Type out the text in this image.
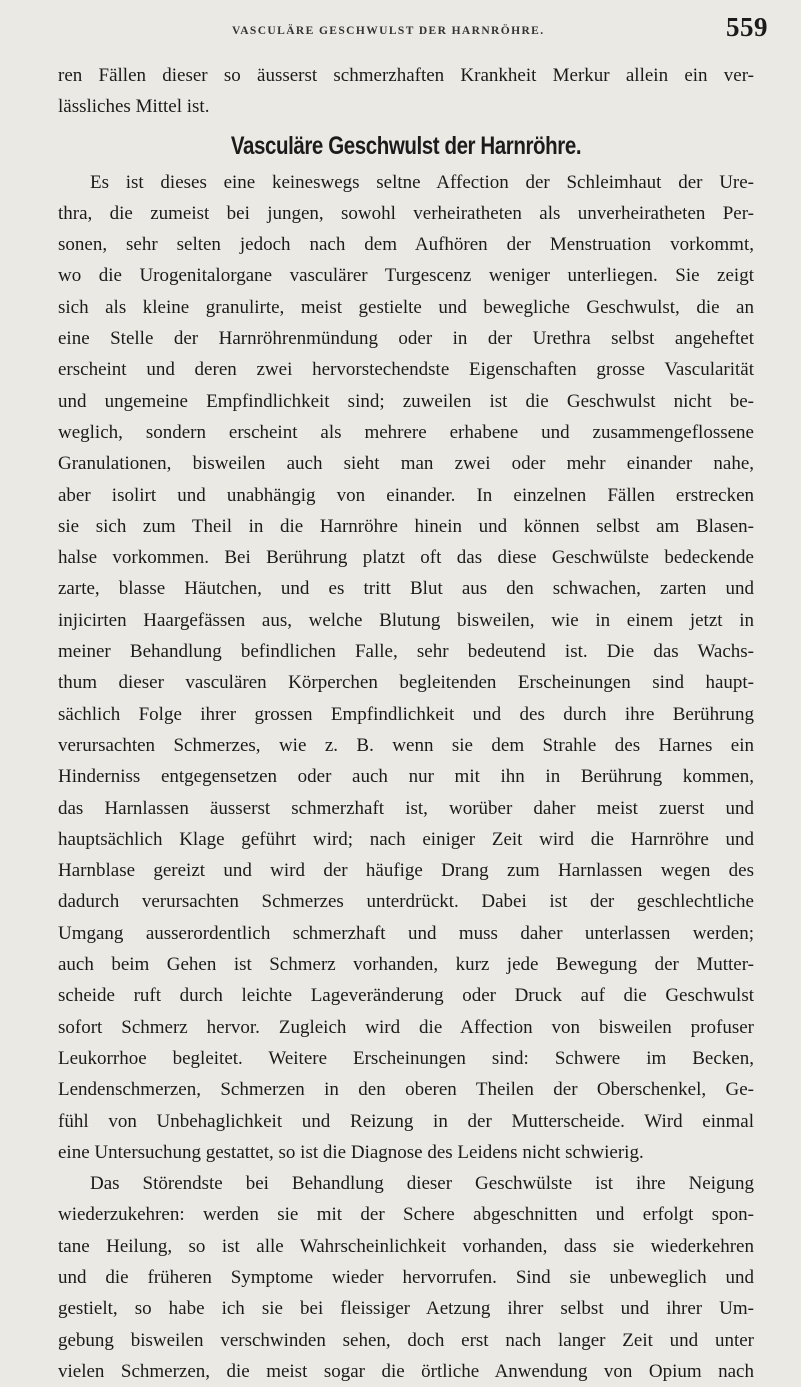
VASCULÄRE GESCHWULST DER HARNRÖHRE.	559
ren Fällen dieser so äusserst schmerzhaften Krankheit Merkur allein ein ver-
lässliches Mittel ist.
Vasculäre Geschwulst der Harnröhre.
Es ist dieses eine keineswegs seltne Affection der Schleimhaut der Ure-
thra, die zumeist bei jungen, sowohl verheiratheten als unverheiratheten Per-
sonen, sehr selten jedoch nach dem Aufhören der Menstruation vorkommt,
wo die Urogenitalorgane vasculärer Turgescenz weniger unterliegen. Sie zeigt
sich als kleine granulirte, meist gestielte und bewegliche Geschwulst, die an
eine Stelle der Harnröhrenmündung oder in der Urethra selbst angeheftet
erscheint und deren zwei hervorstechendste Eigenschaften grosse Vascularität
und ungemeine Empfindlichkeit sind; zuweilen ist die Geschwulst nicht be-
weglich, sondern erscheint als mehrere erhabene und zusammengeflossene
Granulationen, bisweilen auch sieht man zwei oder mehr einander nahe,
aber isolirt und unabhängig von einander. In einzelnen Fällen erstrecken
sie sich zum Theil in die Harnröhre hinein und können selbst am Blasen-
halse vorkommen. Bei Berührung platzt oft das diese Geschwülste bedeckende
zarte, blasse Häutchen, und es tritt Blut aus den schwachen, zarten und
injicirten Haargefässen aus, welche Blutung bisweilen, wie in einem jetzt in
meiner Behandlung befindlichen Falle, sehr bedeutend ist. Die das Wachs-
thum dieser vasculären Körperchen begleitenden Erscheinungen sind haupt-
sächlich Folge ihrer grossen Empfindlichkeit und des durch ihre Berührung
verursachten Schmerzes, wie z. B. wenn sie dem Strahle des Harnes ein
Hinderniss entgegensetzen oder auch nur mit ihn in Berührung kommen,
das Harnlassen äusserst schmerzhaft ist, worüber daher meist zuerst und
hauptsächlich Klage geführt wird; nach einiger Zeit wird die Harnröhre und
Harnblase gereizt und wird der häufige Drang zum Harnlassen wegen des
dadurch verursachten Schmerzes unterdrückt. Dabei ist der geschlechtliche
Umgang ausserordentlich schmerzhaft und muss daher unterlassen werden;
auch beim Gehen ist Schmerz vorhanden, kurz jede Bewegung der Mutter-
scheide ruft durch leichte Lageveränderung oder Druck auf die Geschwulst
sofort Schmerz hervor. Zugleich wird die Affection von bisweilen profuser
Leukorrhoe begleitet. Weitere Erscheinungen sind: Schwere im Becken,
Lendenschmerzen, Schmerzen in den oberen Theilen der Oberschenkel, Ge-
fühl von Unbehaglichkeit und Reizung in der Mutterscheide. Wird einmal
eine Untersuchung gestattet, so ist die Diagnose des Leidens nicht schwierig.
Das Störendste bei Behandlung dieser Geschwülste ist ihre Neigung
wiederzukehren: werden sie mit der Schere abgeschnitten und erfolgt spon-
tane Heilung, so ist alle Wahrscheinlichkeit vorhanden, dass sie wiederkehren
und die früheren Symptome wieder hervorrufen. Sind sie unbeweglich und
gestielt, so habe ich sie bei fleissiger Aetzung ihrer selbst und ihrer Um-
gebung bisweilen verschwinden sehen, doch erst nach langer Zeit und unter
vielen Schmerzen, die meist sogar die örtliche Anwendung von Opium nach
